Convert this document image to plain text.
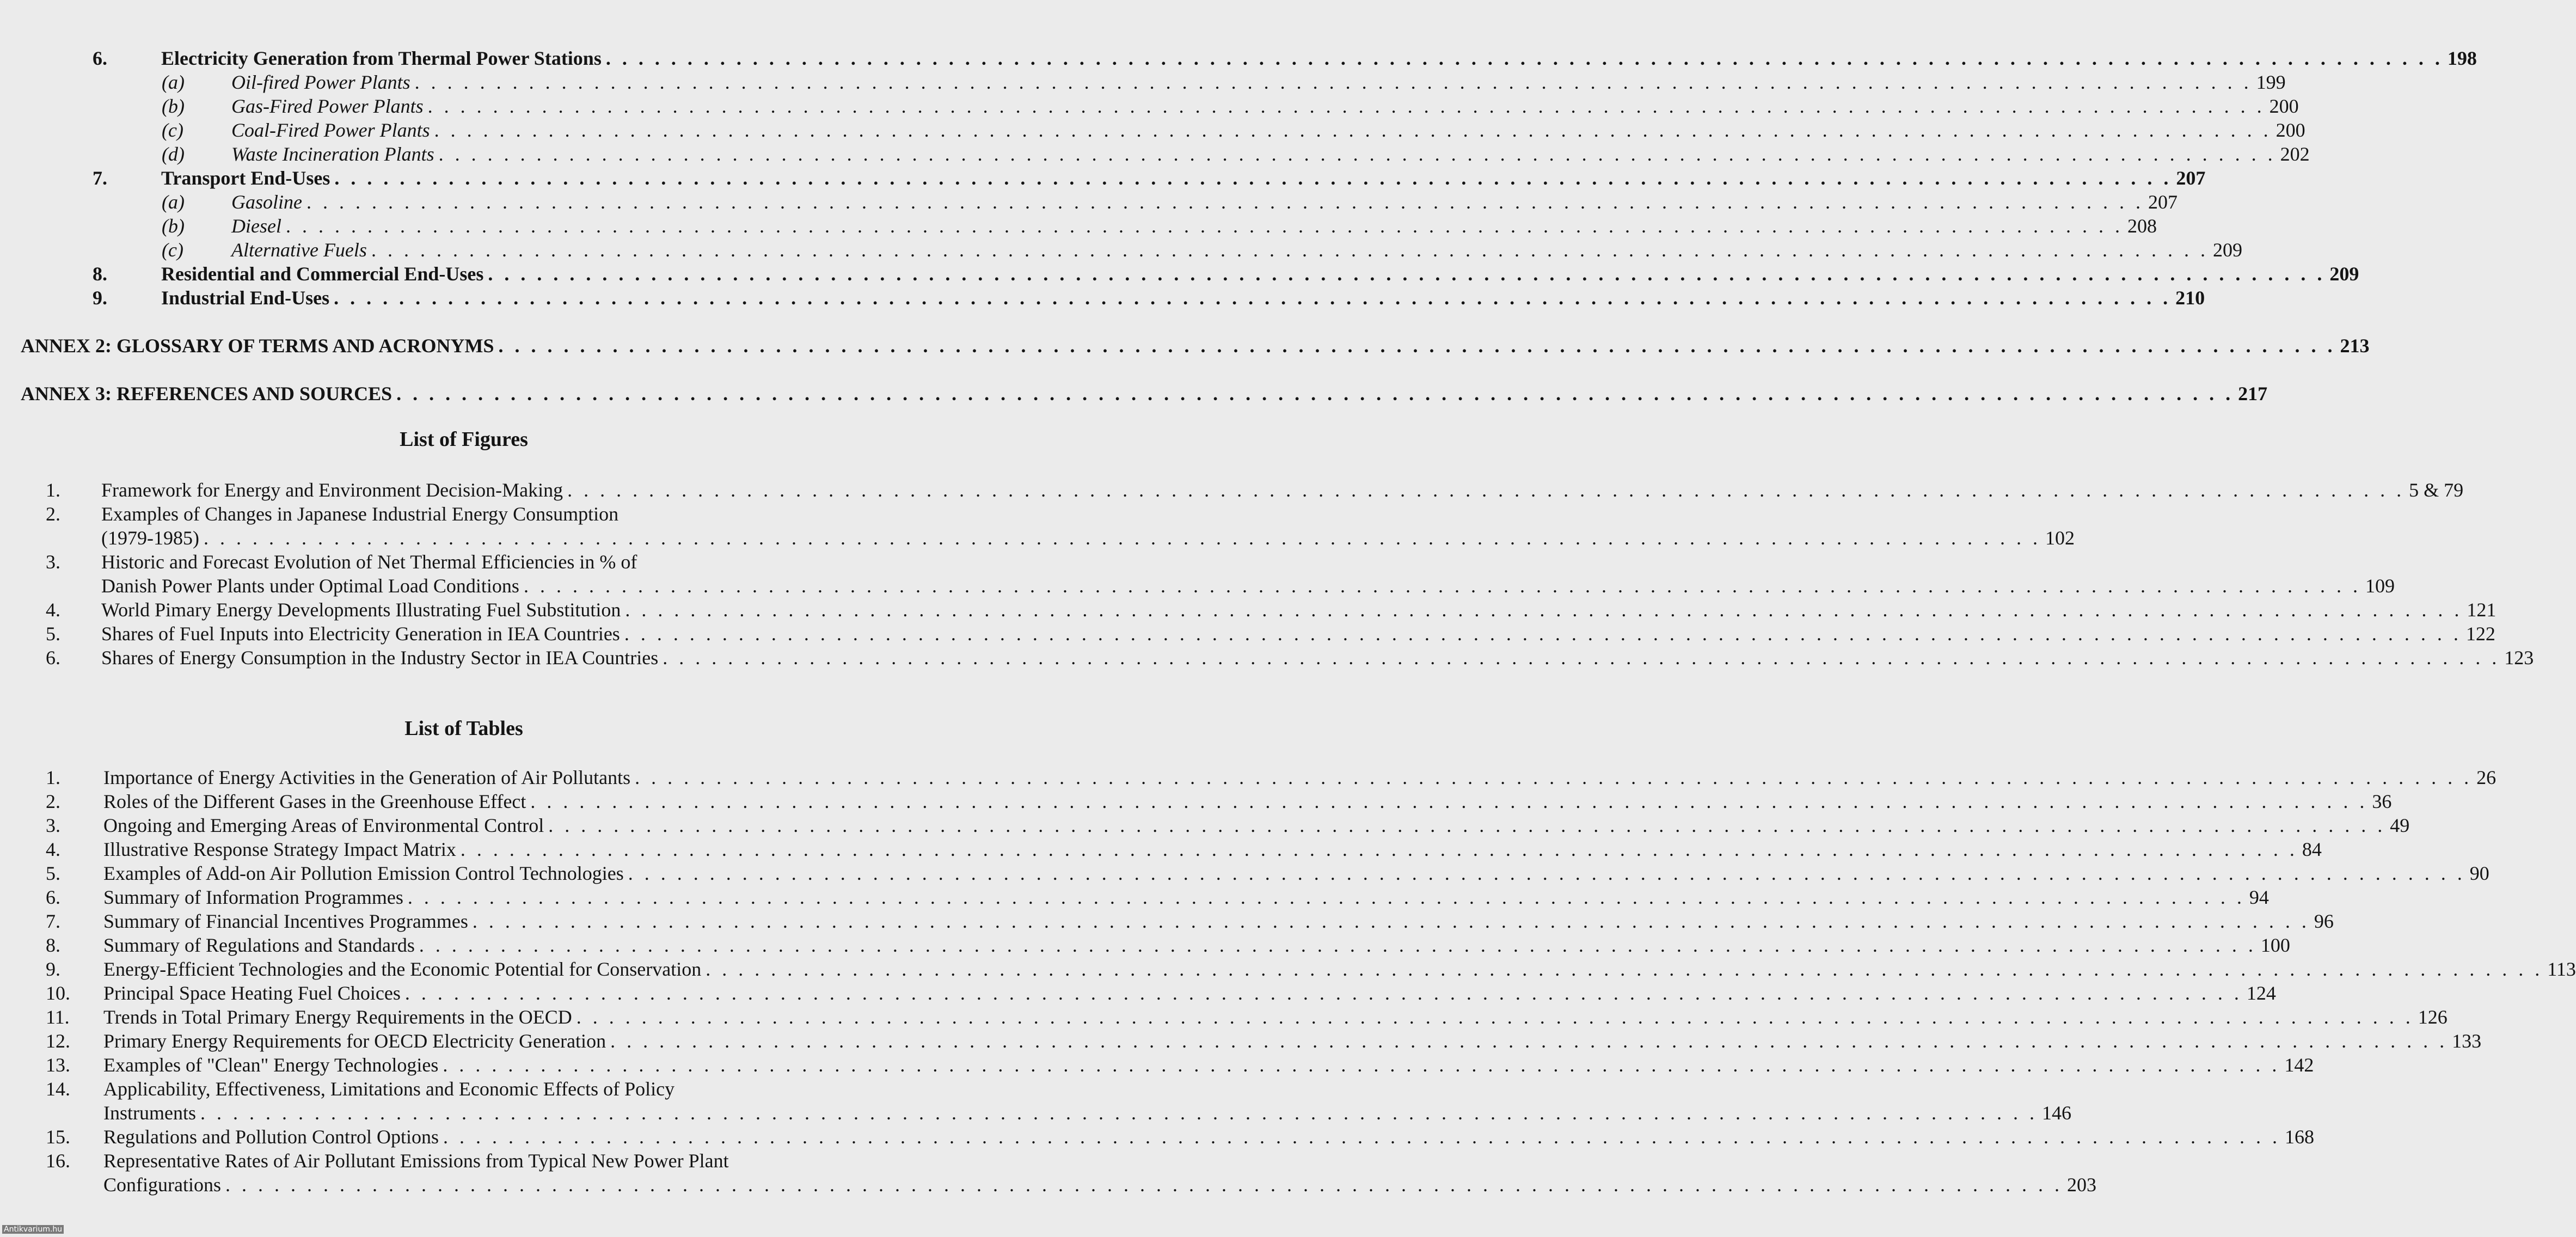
6.	Electricity Generation from Thermal Power Stations . . .	198
(a)	Oil-fired Power Plants . . .	199
(b)	Gas-Fired Power Plants . . .	200
(c)	Coal-Fired Power Plants . . .	200
(d)	Waste Incineration Plants . . .	202
7.	Transport End-Uses . . .	207
(a)	Gasoline . . .	207
(b)	Diesel . . .	208
(c)	Alternative Fuels . . .	209
8.	Residential and Commercial End-Uses . . .	209
9.	Industrial End-Uses . . .	210
ANNEX 2: GLOSSARY OF TERMS AND ACRONYMS . . .	213
ANNEX 3: REFERENCES AND SOURCES . . .	217
List of Figures
1.	Framework for Energy and Environment Decision-Making . . .	5 & 79
2.	Examples of Changes in Japanese Industrial Energy Consumption
(1979-1985) . . .	102
3.	Historic and Forecast Evolution of Net Thermal Efficiencies in % of
Danish Power Plants under Optimal Load Conditions . . .	109
4.	World Pimary Energy Developments Illustrating Fuel Substitution . . .	121
5.	Shares of Fuel Inputs into Electricity Generation in IEA Countries . . .	122
6.	Shares of Energy Consumption in the Industry Sector in IEA Countries . . .	123
List of Tables
1.	Importance of Energy Activities in the Generation of Air Pollutants . . .	26
2.	Roles of the Different Gases in the Greenhouse Effect . . .	36
3.	Ongoing and Emerging Areas of Environmental Control . . .	49
4.	Illustrative Response Strategy Impact Matrix . . .	84
5.	Examples of Add-on Air Pollution Emission Control Technologies . . .	90
6.	Summary of Information Programmes . . .	94
7.	Summary of Financial Incentives Programmes . . .	96
8.	Summary of Regulations and Standards . . .	100
9.	Energy-Efficient Technologies and the Economic Potential for Conservation . . .	113
10.	Principal Space Heating Fuel Choices . . .	124
11.	Trends in Total Primary Energy Requirements in the OECD . . .	126
12.	Primary Energy Requirements for OECD Electricity Generation . . .	133
13.	Examples of "Clean" Energy Technologies . . .	142
14.	Applicability, Effectiveness, Limitations and Economic Effects of Policy
Instruments . . .	146
15.	Regulations and Pollution Control Options . . .	168
16.	Representative Rates of Air Pollutant Emissions from Typical New Power Plant
Configurations . . .	203
Antikvarium.hu
